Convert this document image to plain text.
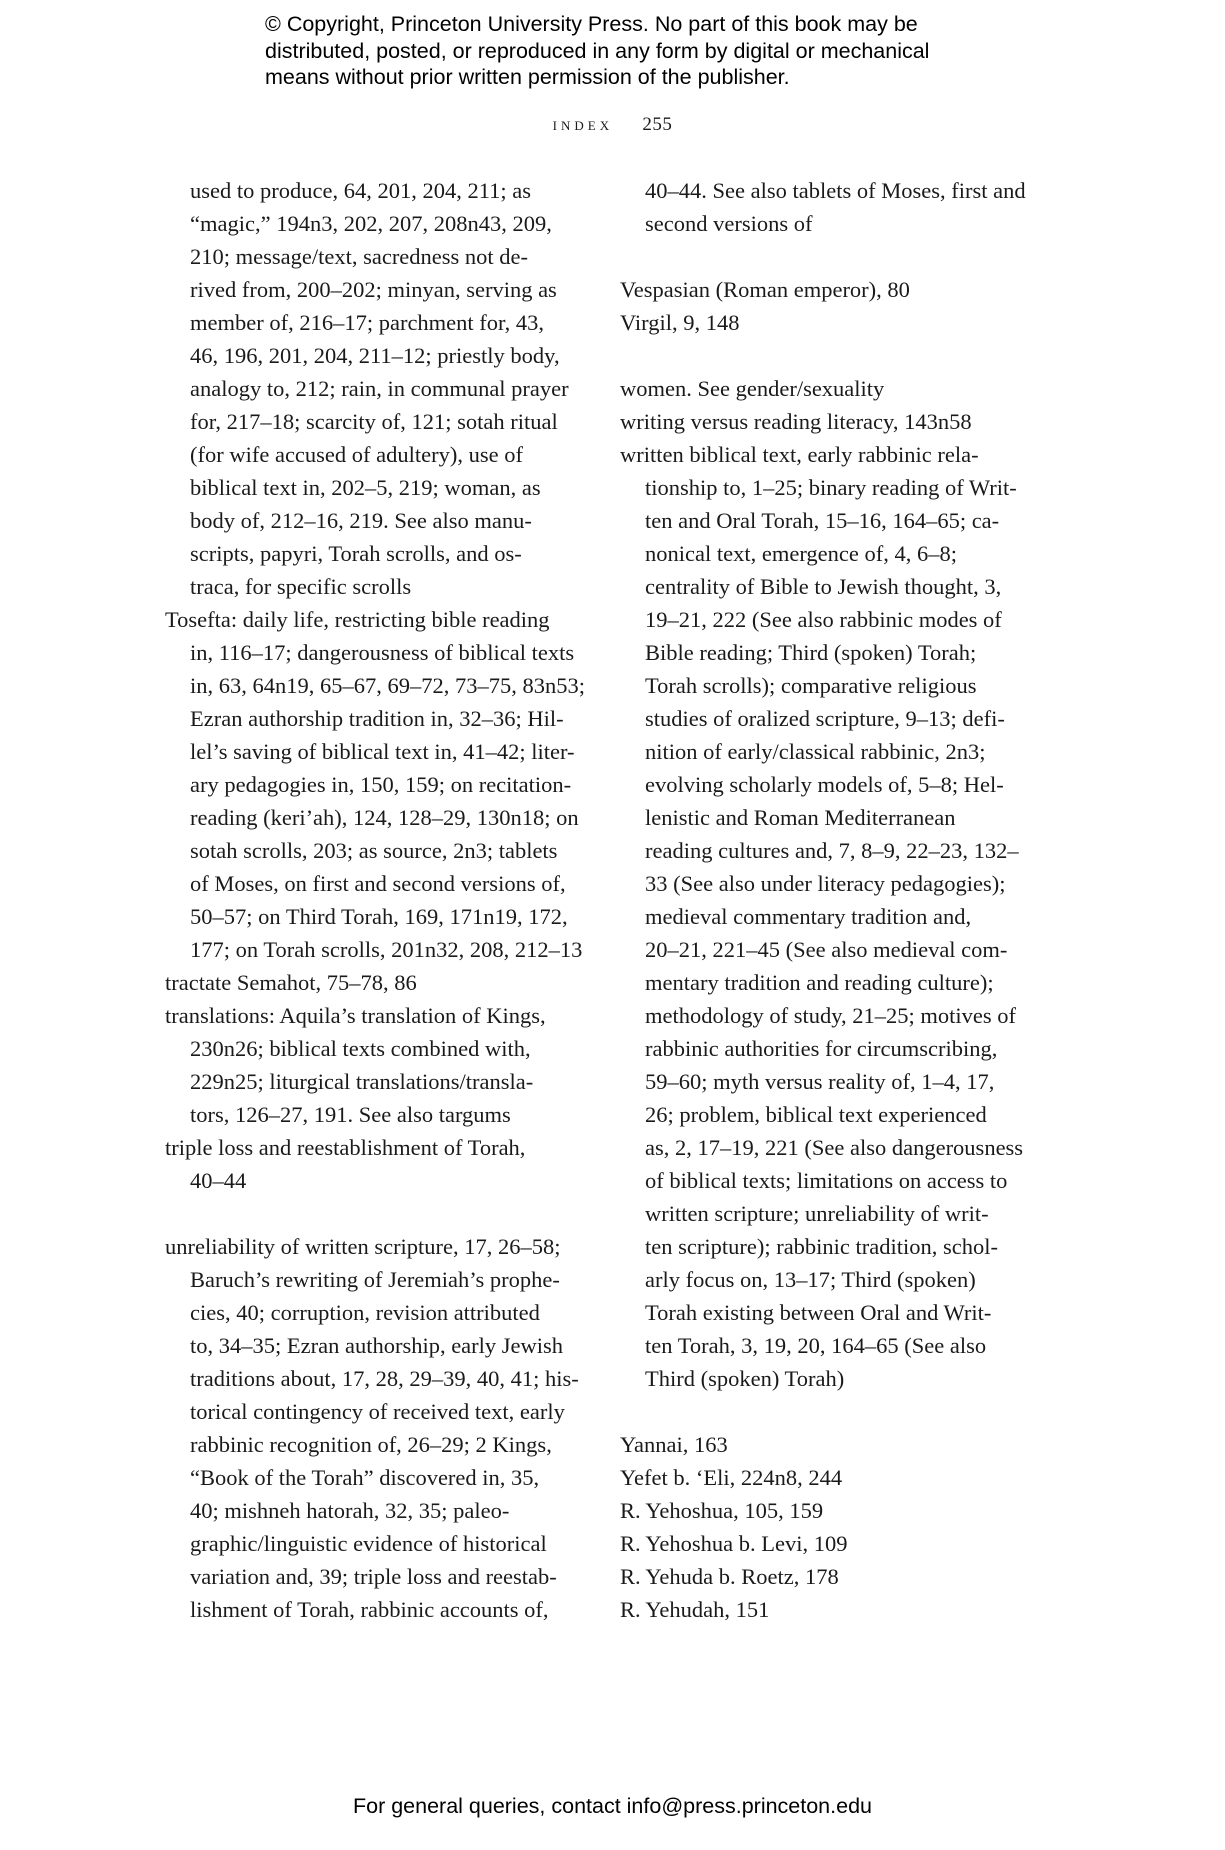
© Copyright, Princeton University Press. No part of this book may be
distributed, posted, or reproduced in any form by digital or mechanical
means without prior written permission of the publisher.
index 255
used to produce, 64, 201, 204, 211; as
“magic,” 194n3, 202, 207, 208n43, 209,
210; message/text, sacredness not de-
rived from, 200–202; minyan, serving as
member of, 216–17; parchment for, 43,
46, 196, 201, 204, 211–12; priestly body,
analogy to, 212; rain, in communal prayer
for, 217–18; scarcity of, 121; sotah ritual
(for wife accused of adultery), use of
biblical text in, 202–5, 219; woman, as
body of, 212–16, 219. See also manu-
scripts, papyri, Torah scrolls, and os-
traca, for specific scrolls
Tosefta: daily life, restricting bible reading
in, 116–17; dangerousness of biblical texts
in, 63, 64n19, 65–67, 69–72, 73–75, 83n53;
Ezran authorship tradition in, 32–36; Hil-
lel’s saving of biblical text in, 41–42; liter-
ary pedagogies in, 150, 159; on recitation-
reading (keri’ah), 124, 128–29, 130n18; on
sotah scrolls, 203; as source, 2n3; tablets
of Moses, on first and second versions of,
50–57; on Third Torah, 169, 171n19, 172,
177; on Torah scrolls, 201n32, 208, 212–13
tractate Semahot, 75–78, 86
translations: Aquila’s translation of Kings,
230n26; biblical texts combined with,
229n25; liturgical translations/transla-
tors, 126–27, 191. See also targums
triple loss and reestablishment of Torah,
40–44
unreliability of written scripture, 17, 26–58;
Baruch’s rewriting of Jeremiah’s prophe-
cies, 40; corruption, revision attributed
to, 34–35; Ezran authorship, early Jewish
traditions about, 17, 28, 29–39, 40, 41; his-
torical contingency of received text, early
rabbinic recognition of, 26–29; 2 Kings,
“Book of the Torah” discovered in, 35,
40; mishneh hatorah, 32, 35; paleo-
graphic/linguistic evidence of historical
variation and, 39; triple loss and reestab-
lishment of Torah, rabbinic accounts of,
40–44. See also tablets of Moses, first and
second versions of
Vespasian (Roman emperor), 80
Virgil, 9, 148
women. See gender/sexuality
writing versus reading literacy, 143n58
written biblical text, early rabbinic rela-
tionship to, 1–25; binary reading of Writ-
ten and Oral Torah, 15–16, 164–65; ca-
nonical text, emergence of, 4, 6–8;
centrality of Bible to Jewish thought, 3,
19–21, 222 (See also rabbinic modes of
Bible reading; Third (spoken) Torah;
Torah scrolls); comparative religious
studies of oralized scripture, 9–13; defi-
nition of early/classical rabbinic, 2n3;
evolving scholarly models of, 5–8; Hel-
lenistic and Roman Mediterranean
reading cultures and, 7, 8–9, 22–23, 132–
33 (See also under literacy pedagogies);
medieval commentary tradition and,
20–21, 221–45 (See also medieval com-
mentary tradition and reading culture);
methodology of study, 21–25; motives of
rabbinic authorities for circumscribing,
59–60; myth versus reality of, 1–4, 17,
26; problem, biblical text experienced
as, 2, 17–19, 221 (See also dangerousness
of biblical texts; limitations on access to
written scripture; unreliability of writ-
ten scripture); rabbinic tradition, schol-
arly focus on, 13–17; Third (spoken)
Torah existing between Oral and Writ-
ten Torah, 3, 19, 20, 164–65 (See also
Third (spoken) Torah)
Yannai, 163
Yefet b. ‘Eli, 224n8, 244
R. Yehoshua, 105, 159
R. Yehoshua b. Levi, 109
R. Yehuda b. Roetz, 178
R. Yehudah, 151
For general queries, contact info@press.princeton.edu
